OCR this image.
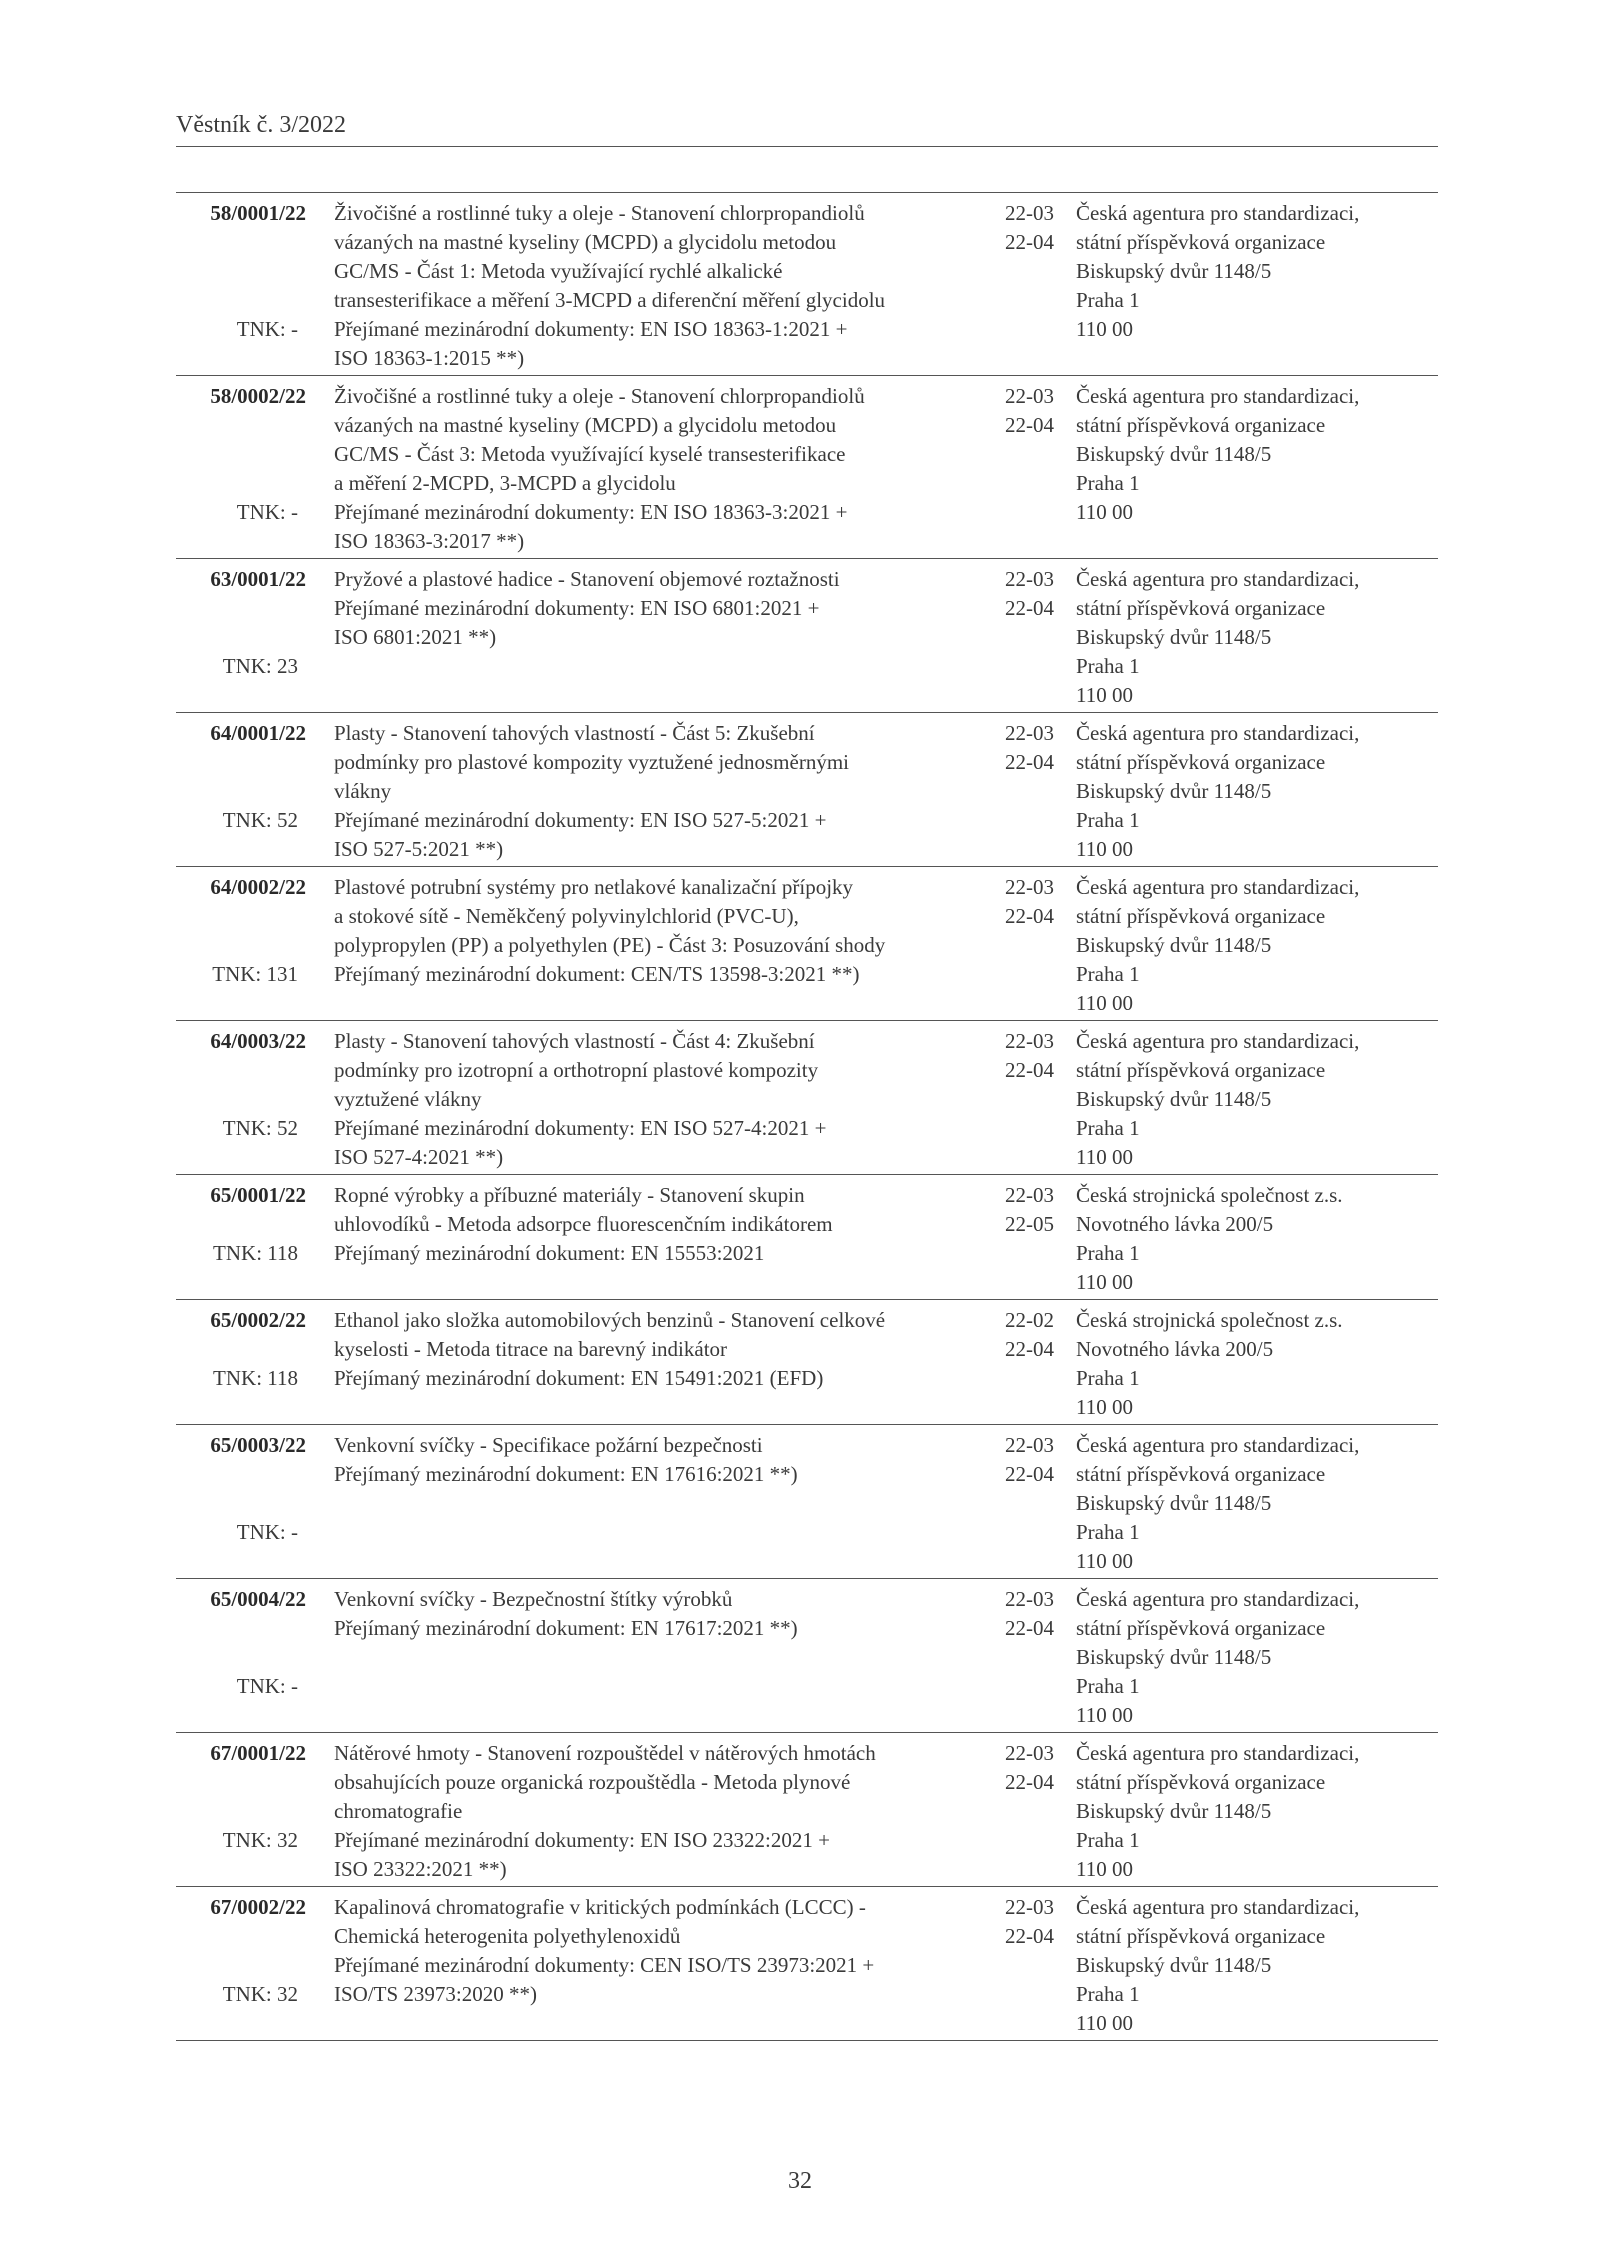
Věstník č. 3/2022
58/0001/22
TNK: -
Živočišné a rostlinné tuky a oleje - Stanovení chlorpropandiolů
vázaných na mastné kyseliny (MCPD) a glycidolu metodou
GC/MS - Část 1: Metoda využívající rychlé alkalické
transesterifikace a měření 3-MCPD a diferenční měření glycidolu
Přejímané mezinárodní dokumenty: EN ISO 18363-1:2021 +
ISO 18363-1:2015 **)
22-03
22-04
Česká agentura pro standardizaci,
státní příspěvková organizace
Biskupský dvůr 1148/5
Praha 1
110 00
58/0002/22
TNK: -
Živočišné a rostlinné tuky a oleje - Stanovení chlorpropandiolů
vázaných na mastné kyseliny (MCPD) a glycidolu metodou
GC/MS - Část 3: Metoda využívající kyselé transesterifikace
a měření 2-MCPD, 3-MCPD a glycidolu
Přejímané mezinárodní dokumenty: EN ISO 18363-3:2021 +
ISO 18363-3:2017 **)
22-03
22-04
Česká agentura pro standardizaci,
státní příspěvková organizace
Biskupský dvůr 1148/5
Praha 1
110 00
63/0001/22
TNK: 23
Pryžové a plastové hadice - Stanovení objemové roztažnosti
Přejímané mezinárodní dokumenty: EN ISO 6801:2021 +
ISO 6801:2021 **)
22-03
22-04
Česká agentura pro standardizaci,
státní příspěvková organizace
Biskupský dvůr 1148/5
Praha 1
110 00
64/0001/22
TNK: 52
Plasty - Stanovení tahových vlastností - Část 5: Zkušební
podmínky pro plastové kompozity vyztužené jednosměrnými
vlákny
Přejímané mezinárodní dokumenty: EN ISO 527-5:2021 +
ISO 527-5:2021 **)
22-03
22-04
Česká agentura pro standardizaci,
státní příspěvková organizace
Biskupský dvůr 1148/5
Praha 1
110 00
64/0002/22
TNK: 131
Plastové potrubní systémy pro netlakové kanalizační přípojky
a stokové sítě - Neměkčený polyvinylchlorid (PVC-U),
polypropylen (PP) a polyethylen (PE) - Část 3: Posuzování shody
Přejímaný mezinárodní dokument: CEN/TS 13598-3:2021 **)
22-03
22-04
Česká agentura pro standardizaci,
státní příspěvková organizace
Biskupský dvůr 1148/5
Praha 1
110 00
64/0003/22
TNK: 52
Plasty - Stanovení tahových vlastností - Část 4: Zkušební
podmínky pro izotropní a orthotropní plastové kompozity
vyztužené vlákny
Přejímané mezinárodní dokumenty: EN ISO 527-4:2021 +
ISO 527-4:2021 **)
22-03
22-04
Česká agentura pro standardizaci,
státní příspěvková organizace
Biskupský dvůr 1148/5
Praha 1
110 00
65/0001/22
TNK: 118
Ropné výrobky a příbuzné materiály - Stanovení skupin
uhlovodíků - Metoda adsorpce fluorescenčním indikátorem
Přejímaný mezinárodní dokument: EN 15553:2021
22-03
22-05
Česká strojnická společnost z.s.
Novotného lávka 200/5
Praha 1
110 00
65/0002/22
TNK: 118
Ethanol jako složka automobilových benzinů - Stanovení celkové
kyselosti - Metoda titrace na barevný indikátor
Přejímaný mezinárodní dokument: EN 15491:2021 (EFD)
22-02
22-04
Česká strojnická společnost z.s.
Novotného lávka 200/5
Praha 1
110 00
65/0003/22
TNK: -
Venkovní svíčky - Specifikace požární bezpečnosti
Přejímaný mezinárodní dokument: EN 17616:2021 **)
22-03
22-04
Česká agentura pro standardizaci,
státní příspěvková organizace
Biskupský dvůr 1148/5
Praha 1
110 00
65/0004/22
TNK: -
Venkovní svíčky - Bezpečnostní štítky výrobků
Přejímaný mezinárodní dokument: EN 17617:2021 **)
22-03
22-04
Česká agentura pro standardizaci,
státní příspěvková organizace
Biskupský dvůr 1148/5
Praha 1
110 00
67/0001/22
TNK: 32
Nátěrové hmoty - Stanovení rozpouštědel v nátěrových hmotách
obsahujících pouze organická rozpouštědla - Metoda plynové
chromatografie
Přejímané mezinárodní dokumenty: EN ISO 23322:2021 +
ISO 23322:2021 **)
22-03
22-04
Česká agentura pro standardizaci,
státní příspěvková organizace
Biskupský dvůr 1148/5
Praha 1
110 00
67/0002/22
TNK: 32
Kapalinová chromatografie v kritických podmínkách (LCCC) -
Chemická heterogenita polyethylenoxidů
Přejímané mezinárodní dokumenty: CEN ISO/TS 23973:2021 +
ISO/TS 23973:2020 **)
22-03
22-04
Česká agentura pro standardizaci,
státní příspěvková organizace
Biskupský dvůr 1148/5
Praha 1
110 00
32
